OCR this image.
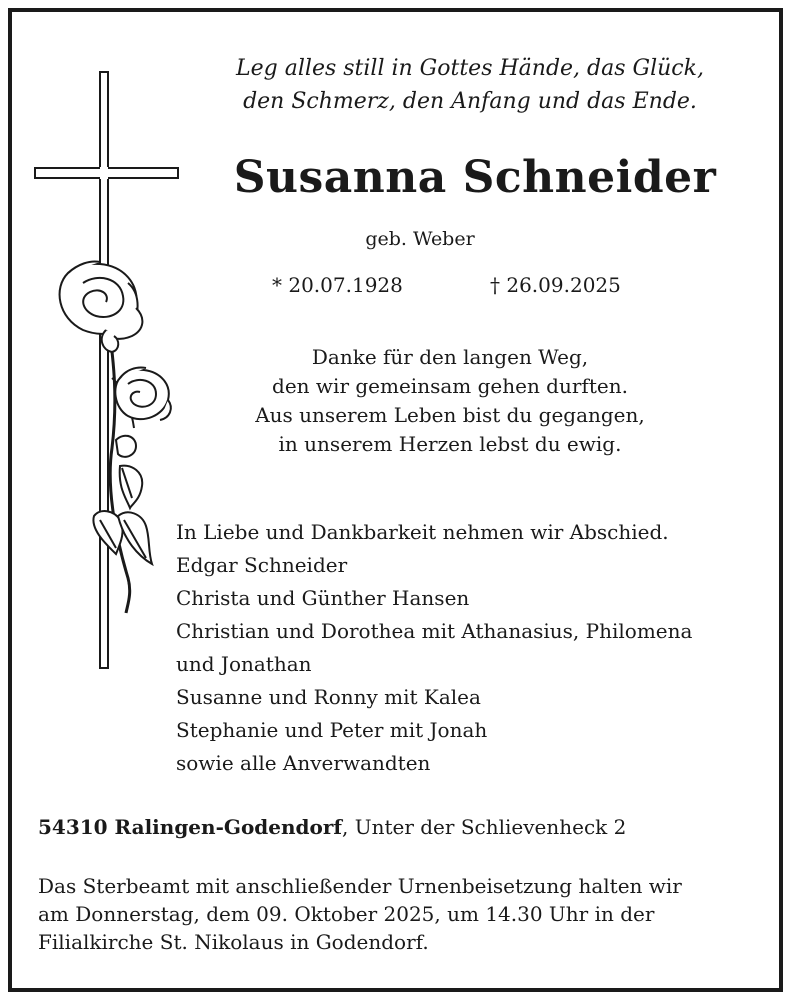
Leg alles still in Gottes Hände, das Glück,
den Schmerz, den Anfang und das Ende.
Susanna Schneider
geb. Weber
* 20.07.1928	† 26.09.2025
Danke für den langen Weg,
den wir gemeinsam gehen durften.
Aus unserem Leben bist du gegangen,
in unserem Herzen lebst du ewig.
In Liebe und Dankbarkeit nehmen wir Abschied.
Edgar Schneider
Christa und Günther Hansen
Christian und Dorothea mit Athanasius, Philomena
und Jonathan
Susanne und Ronny mit Kalea
Stephanie und Peter mit Jonah
sowie alle Anverwandten
54310 Ralingen-Godendorf, Unter der Schlievenheck 2
Das Sterbeamt mit anschließender Urnenbeisetzung halten wir
am Donnerstag, dem 09. Oktober 2025, um 14.30 Uhr in der
Filialkirche St. Nikolaus in Godendorf.
